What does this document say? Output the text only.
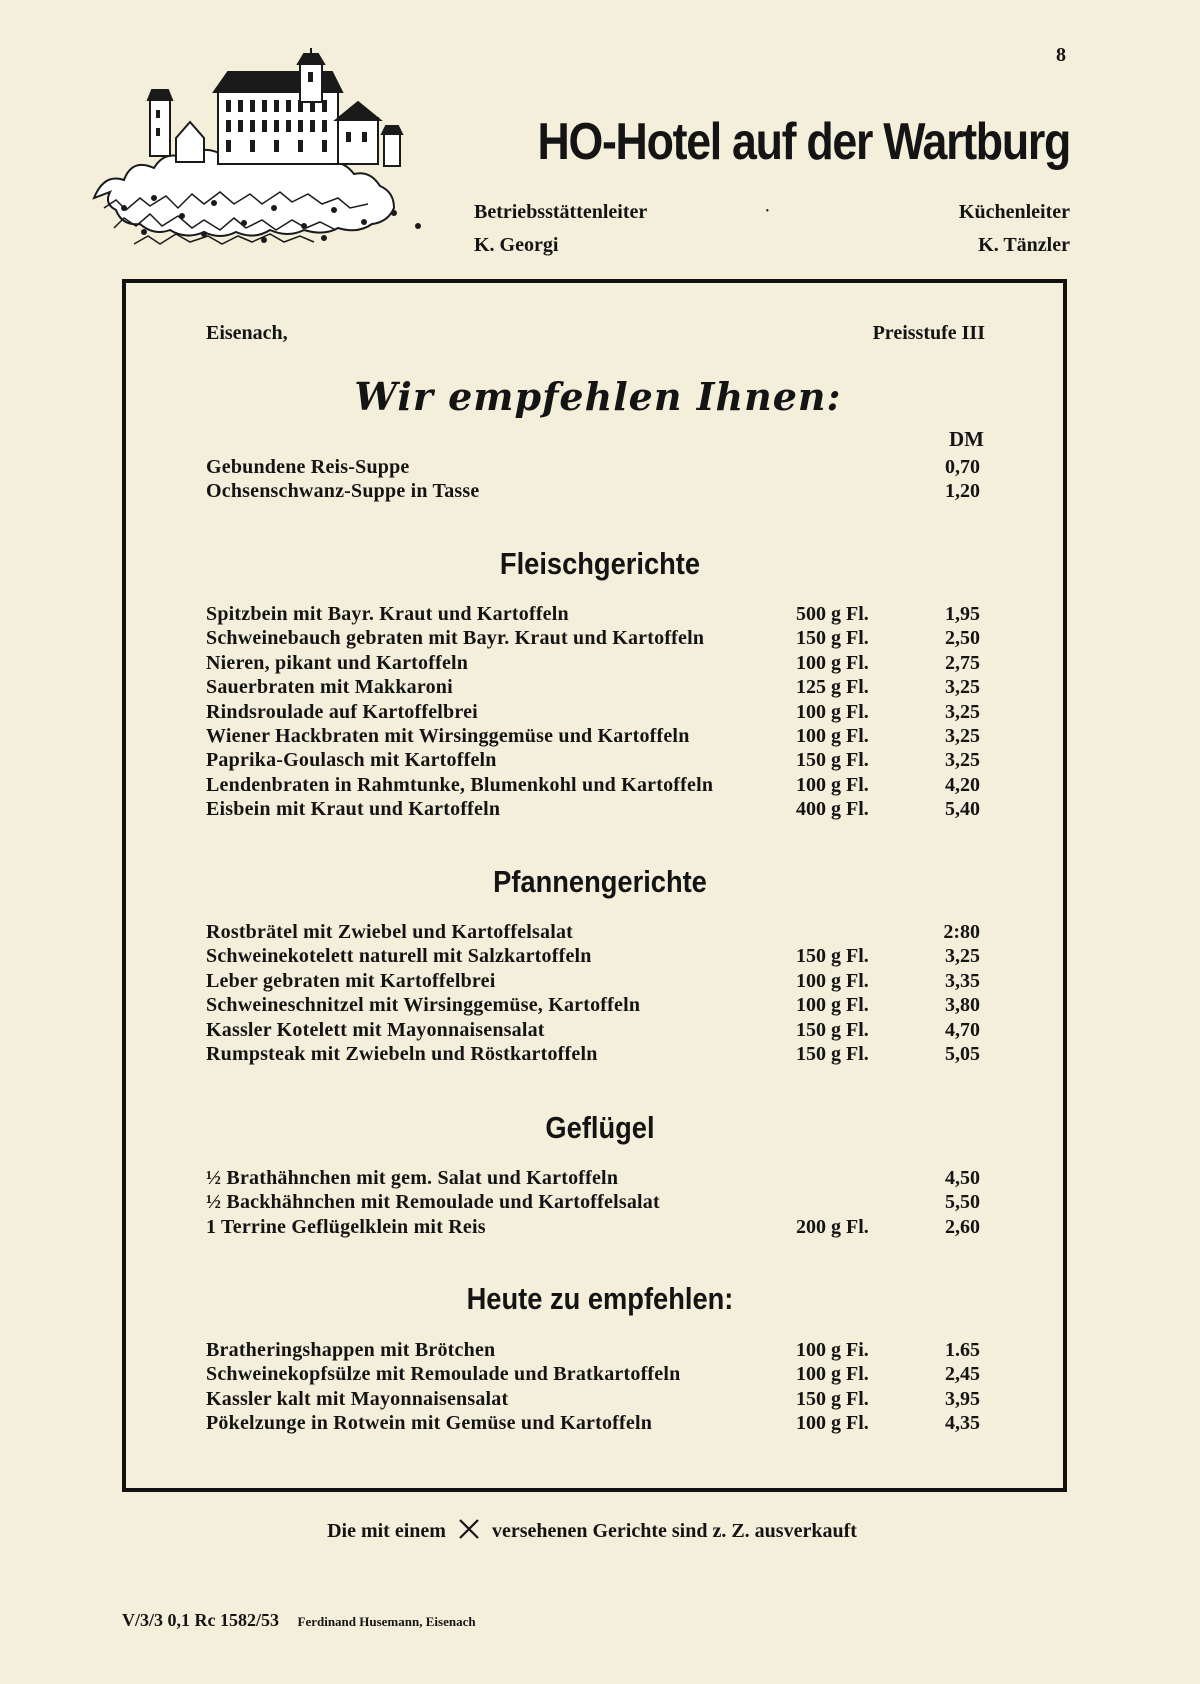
8
HO-Hotel auf der Wartburg
Betriebsstättenleiter
K. Georgi
·	Küchenleiter
K. Tänzler
Eisenach,	Preisstufe III
Wir empfehlen Ihnen:
DM
Gebundene Reis-Suppe	0,70
Ochsenschwanz-Suppe in Tasse	1,20
Fleischgerichte
Spitzbein mit Bayr. Kraut und Kartoffeln	500 g Fl.	1,95
Schweinebauch gebraten mit Bayr. Kraut und Kartoffeln	150 g Fl.	2,50
Nieren, pikant und Kartoffeln	100 g Fl.	2,75
Sauerbraten mit Makkaroni	125 g Fl.	3,25
Rindsroulade auf Kartoffelbrei	100 g Fl.	3,25
Wiener Hackbraten mit Wirsinggemüse und Kartoffeln	100 g Fl.	3,25
Paprika-Goulasch mit Kartoffeln	150 g Fl.	3,25
Lendenbraten in Rahmtunke, Blumenkohl und Kartoffeln	100 g Fl.	4,20
Eisbein mit Kraut und Kartoffeln	400 g Fl.	5,40
Pfannengerichte
Rostbrätel mit Zwiebel und Kartoffelsalat	2:80
Schweinekotelett naturell mit Salzkartoffeln	150 g Fl.	3,25
Leber gebraten mit Kartoffelbrei	100 g Fl.	3,35
Schweineschnitzel mit Wirsinggemüse, Kartoffeln	100 g Fl.	3,80
Kassler Kotelett mit Mayonnaisensalat	150 g Fl.	4,70
Rumpsteak mit Zwiebeln und Röstkartoffeln	150 g Fl.	5,05
Geflügel
½ Brathähnchen mit gem. Salat und Kartoffeln	4,50
½ Backhähnchen mit Remoulade und Kartoffelsalat	5,50
1 Terrine Geflügelklein mit Reis	200 g Fl.	2,60
Heute zu empfehlen:
Bratheringshappen mit Brötchen	100 g Fi.	1.65
Schweinekopfsülze mit Remoulade und Bratkartoffeln	100 g Fl.	2,45
Kassler kalt mit Mayonnaisensalat	150 g Fl.	3,95
Pökelzunge in Rotwein mit Gemüse und Kartoffeln	100 g Fl.	4,35
Die mit einem versehenen Gerichte sind z. Z. ausverkauft
V/3/3 0,1 Rc 1582/53 Ferdinand Husemann, Eisenach
